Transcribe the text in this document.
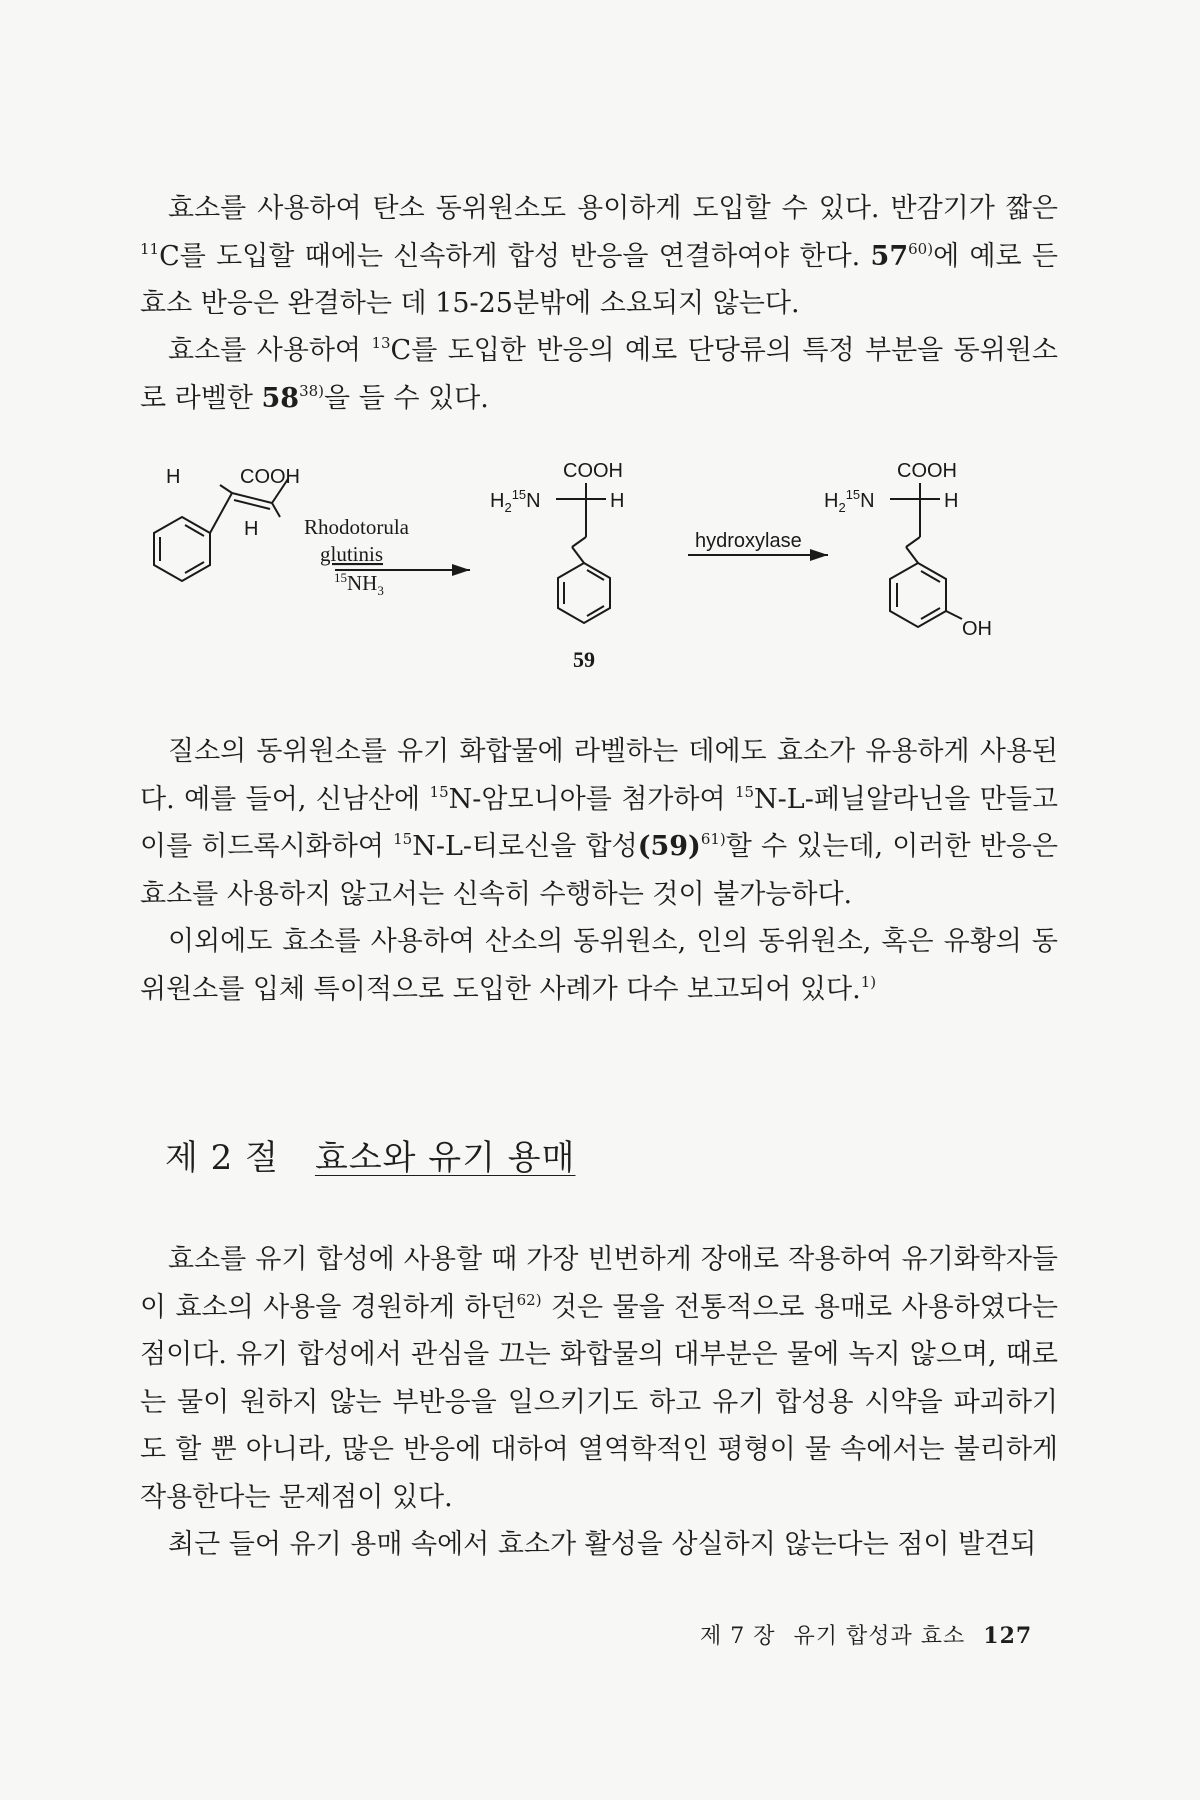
효소를 사용하여 탄소 동위원소도 용이하게 도입할 수 있다. 반감기가 짧은 $^{11}$C를 도입할 때에는 신속하게 합성 반응을 연결하여야 한다. 57$^{60)}$에 예로 든 효소 반응은 완결하는 데 15-25분밖에 소요되지 않는다.

효소를 사용하여 $^{13}$C를 도입한 반응의 예로 단당류의 특정 부분을 동위원소로 라벨한 58$^{38)}$을 들 수 있다.

H	COOH
H Rhodotorula
glutinis
$^{15}NH_3$
COOH
$H_2^{15}N$	H
hydroxylase
COOH
$H_2^{15}N$	H
OH
59

질소의 동위원소를 유기 화합물에 라벨하는 데에도 효소가 유용하게 사용된다. 예를 들어, 신남산에 $^{15}$N-암모니아를 첨가하여 $^{15}$N-L-페닐알라닌을 만들고 이를 히드록시화하여 $^{15}$N-L-티로신을 합성$(59)^{61)}$할 수 있는데, 이러한 반응은 효소를 사용하지 않고서는 신속히 수행하는 것이 불가능하다.

이외에도 효소를 사용하여 산소의 동위원소, 인의 동위원소, 혹은 유황의 동위원소를 입체 특이적으로 도입한 사례가 다수 보고되어 있다.$^{1)}$

제 2 절 효소와 유기 용매

효소를 유기 합성에 사용할 때 가장 빈번하게 장애로 작용하여 유기화학자들이 효소의 사용을 경원하게 하던$^{62)}$ 것은 물을 전통적으로 용매로 사용하였다는 점이다. 유기 합성에서 관심을 끄는 화합물의 대부분은 물에 녹지 않으며, 때로는 물이 원하지 않는 부반응을 일으키기도 하고 유기 합성용 시약을 파괴하기도 할 뿐 아니라, 많은 반응에 대하여 열역학적인 평형이 물 속에서는 불리하게 작용한다는 문제점이 있다.

최근 들어 유기 용매 속에서 효소가 활성을 상실하지 않는다는 점이 발견되

제 7 장 유기 합성과 효소 127
